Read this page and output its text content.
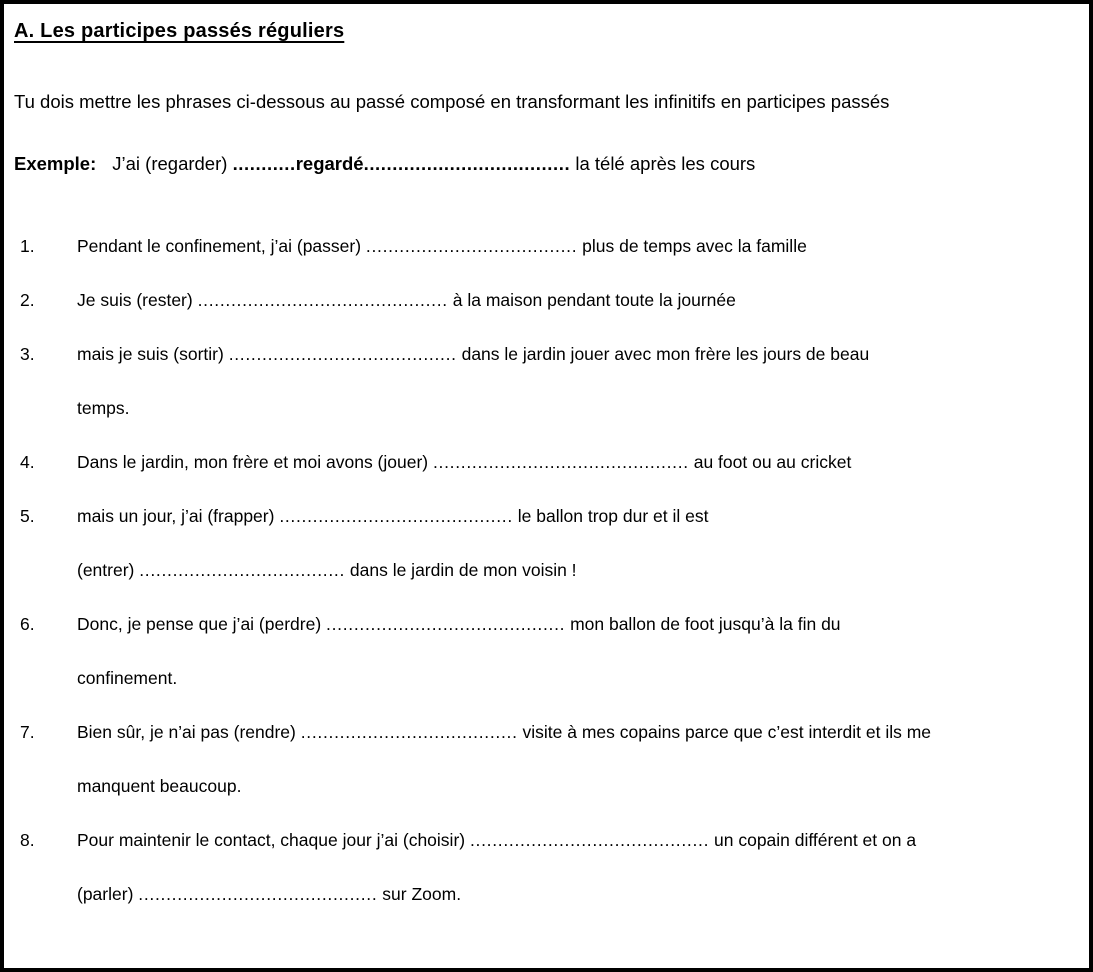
A. Les participes passés réguliers

Tu dois mettre les phrases ci-dessous au passé composé en transformant les infinitifs en participes passés

Exemple: J’ai (regarder) ...........regardé.................................... la télé après les cours

1. Pendant le confinement, j’ai (passer) ...................................... plus de temps avec la famille
2. Je suis (rester) ............................................. à la maison pendant toute la journée
3. mais je suis (sortir) ......................................... dans le jardin jouer avec mon frère les jours de beau
temps.
4. Dans le jardin, mon frère et moi avons (jouer) .............................................. au foot ou au cricket
5. mais un jour, j’ai (frapper) .......................................... le ballon trop dur et il est
(entrer) ..................................... dans le jardin de mon voisin !
6. Donc, je pense que j’ai (perdre) ........................................... mon ballon de foot jusqu’à la fin du
confinement.
7. Bien sûr, je n’ai pas (rendre) ....................................... visite à mes copains parce que c’est interdit et ils me
manquent beaucoup.
8. Pour maintenir le contact, chaque jour j’ai (choisir) ........................................... un copain différent et on a
(parler) ........................................... sur Zoom.
